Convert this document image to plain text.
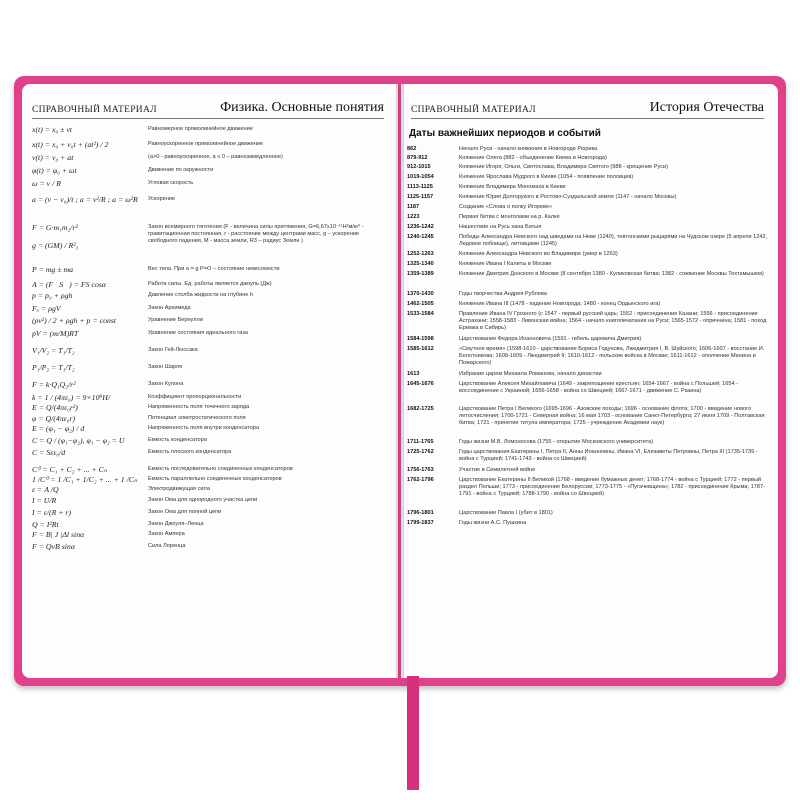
СПРАВОЧНЫЙ МАТЕРИАЛ	Физика. Основные понятия
x(t) = x₀ ± vt	Равномерное прямолинейное движение
x(t) = x₀ + v₀t + (at²) / 2	Равноускоренное прямолинейное движение
v(t) = v₀ + at	(a>0 - равноускоренное, a ≤ 0 – равнозамедленное)
φ(t) = φ₀ + ωt	Движение по окружности
ω = v / R	Угловая скорость
a = (v − v₀)/t ; a = v²/R ; a = ω²R	Ускорение
F = G·m₁m₂/r²	Закон всемирного тяготения (F - величина силы притяжения, G=6,67x10⁻¹¹Н²м/кг² - гравитационная постоянная, r - расстояние между центрами масс, g – ускорение свободного падения, M - масса земли, R3 – радиус Земли )
g = (GM) / R²₃
P = mg ± ma	Вес тела. При a = g P=O – состояние невесомости
A = (F⃗S⃗) = FS cosα	Работа силы. Ед. работы является джоуль (Дж)
p = p₀ + ρgh	Давление столба жидкости на глубине h
Fₐ = ρgV	Закон Архимеда
(ρv²) / 2 + ρgh + p = const	Уравнение Бернулли
pV = (m/M)RT	Уравнение состояния идеального газа
V₁/V₂ = T₁/T₂	Закон Гей-Люссака
P₁/P₂ = T₁/T₂	Закон Шарля
F = k·Q₁Q₂/r²	Закон Кулона
k = 1 / (4πε₀) = 9×10⁹Н/	Коэффициент пропорциональности
E = Q/(4πε₀r²)	Напряженность поля точечного заряда
φ = Q/(4πε₀r)	Потенциал электростатического поля
E = (φ₁ − φ₂) / d	Напряженность поля внутри конденсатора
C = Q / (φ₁−φ₂), φ₁ − φ₂ = U	Емкость конденсатора
C = Sεε₀/d	Емкость плоского конденсатора
C⁰ = C₁ + C₂ + ... + Cₙ	Емкость последовательно соединенных конденсаторов
1 /C⁰ = 1 /C₁ + 1/C₂ + ... + 1 /Cₙ	Емкость параллельно соединенных конденсаторов
ε = A /Q	Электродвижущая сила
I = U/R	Закон Ома для однородного участка цепи
I = ε/(R + r)	Закон Ома для полной цепи
Q = I²Rt	Закон Джоуля–Ленца
F = B| J |Δl sinα	Закон Ампера
F = QvB sinα	Сила Лоренца
СПРАВОЧНЫЙ МАТЕРИАЛ	История Отечества
Даты важнейших периодов и событий
862	Начало Руси - начало княжения в Новгороде Рюрика
879-912	Княжение Олега (882 - объединение Киева и Новгорода)
912-1015	Княжение Игоря, Ольги, Святослава, Владимира Святого (988 - крещение Руси)
1019-1054	Княжение Ярослава Мудрого в Киеве (1054 - появление половцев)
1113-1125	Княжение Владимира Мономаха в Киеве
1125-1157	Княжение Юрия Долгорукого в Ростово-Суздальской земле (1147 - начало Москвы)
1187	Создание «Слова о полку Игореве»
1223	Первая битва с монголами на р. Калке
1236-1242	Нашествие на Русь хана Батыя
1240-1245	Победы Александра Невского над шведами на Неве (1240), тевтонскими рыцарями на Чудском озере (5 апреля 1242, Ледовое побоище), литовцами (1245)
1252-1263	Княжение Александра Невского во Владимире (умер в 1263)
1325-1340	Княжение Ивана I Калиты в Москве
1359-1389	Княжение Дмитрия Донского в Москве (8 сентября 1380 - Куликовская битва; 1382 - сожжение Москвы Тохтамышем)
1370-1430	Годы творчества Андрея Рублева
1462-1505	Княжение Ивана III (1478 - падение Новгорода; 1480 - конец Ордынского ига)
1533-1584	Правление Ивана IV Грозного (с 1547 - первый русский царь; 1552 - присоединение Казани; 1556 - присоединение Астрахани; 1558-1583 - Ливонская война; 1564 - начало книгопечатания на Руси; 1565-1572 - опричнина; 1581 - поход Ермака в Сибирь)
1584-1598	Царствование Федора Иоанновича (1591 - гибель царевича Дмитрия)
1585-1612	«Смутное время» (1598-1610 - царствование Бориса Годунова, Лжедмитрия I, В. Шуйского; 1606-1607 - восстание И. Болотникова; 1608-1609 - Лжедмитрий II; 1610-1612 - польские войска в Москве; 1611-1612 - ополчение Минина и Пожарского)
1613	Избрание царем Михаила Романова, начало династии
1645-1676	Царствование Алексея Михайловича (1649 - закрепощение крестьян; 1654-1667 - война с Польшей; 1654 - воссоединение с Украиной; 1656-1658 - война со Швецией; 1667-1671 - движение С. Разина)
1682-1725	Царствование Петра I Великого (1695-1696 - Азовские походы; 1696 - основание флота; 1700 - введение нового летосчисления; 1700-1721 - Северная война; 16 мая 1703 - основание Санкт-Петербурга; 27 июня 1709 - Полтавская битва; 1721 - принятие титула императора; 1725 - учреждение Академии наук)
1711-1765	Годы жизни М.В. Ломоносова (1755 - открытие Московского университета)
1725-1762	Годы царствования Екатерины I, Петра II, Анны Иоанновны, Ивана VI, Елизаветы Петровны, Петра III (1735-1739 - война с Турцией; 1741-1743 - война со Швецией)
1756-1763	Участие в Семилетней войне
1762-1796	Царствование Екатерины II Великой (1768 - введение бумажных денег; 1768-1774 - война с Турцией; 1772 - первый раздел Польши; 1773 - присоединение Белоруссии; 1773-1775 - «Пугачевщина»; 1782 - присоединение Крыма; 1787-1791 - война с Турцией; 1788-1790 - война со Швецией)
1796-1801	Царствование Павла I (убит в 1801)
1799-1837	Годы жизни А.С. Пушкина
